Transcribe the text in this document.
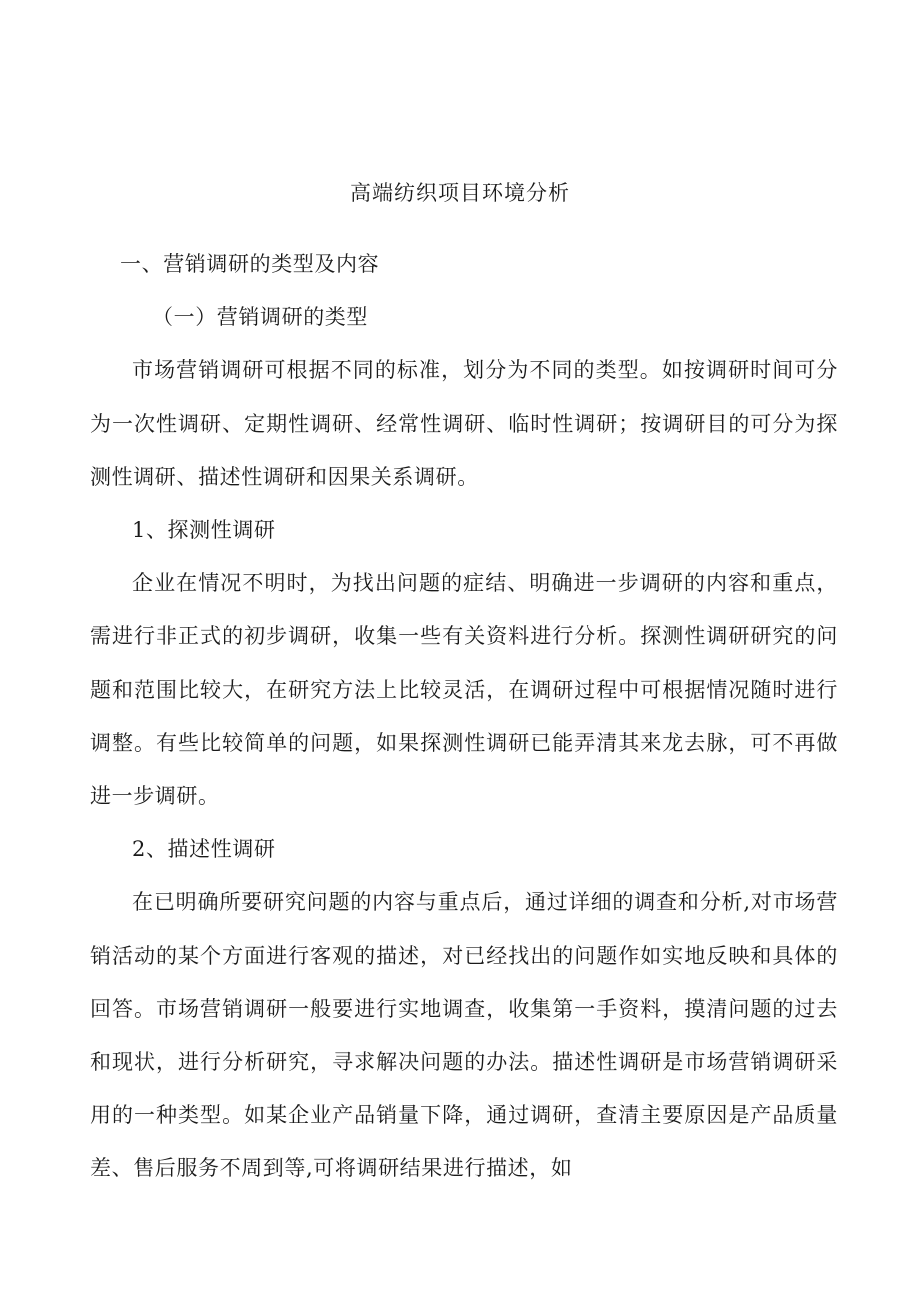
高端纺织项目环境分析

一、营销调研的类型及内容

（一）营销调研的类型

市场营销调研可根据不同的标准，划分为不同的类型。如按调研时间可分为一次性调研、定期性调研、经常性调研、临时性调研；按调研目的可分为探测性调研、描述性调研和因果关系调研。

1、探测性调研

企业在情况不明时，为找出问题的症结、明确进一步调研的内容和重点，需进行非正式的初步调研，收集一些有关资料进行分析。探测性调研研究的问题和范围比较大，在研究方法上比较灵活，在调研过程中可根据情况随时进行调整。有些比较简单的问题，如果探测性调研已能弄清其来龙去脉，可不再做进一步调研。

2、描述性调研

在已明确所要研究问题的内容与重点后，通过详细的调查和分析,对市场营销活动的某个方面进行客观的描述，对已经找出的问题作如实地反映和具体的回答。市场营销调研一般要进行实地调查，收集第一手资料，摸清问题的过去和现状，进行分析研究，寻求解决问题的办法。描述性调研是市场营销调研采用的一种类型。如某企业产品销量下降，通过调研，查清主要原因是产品质量差、售后服务不周到等,可将调研结果进行描述，如
